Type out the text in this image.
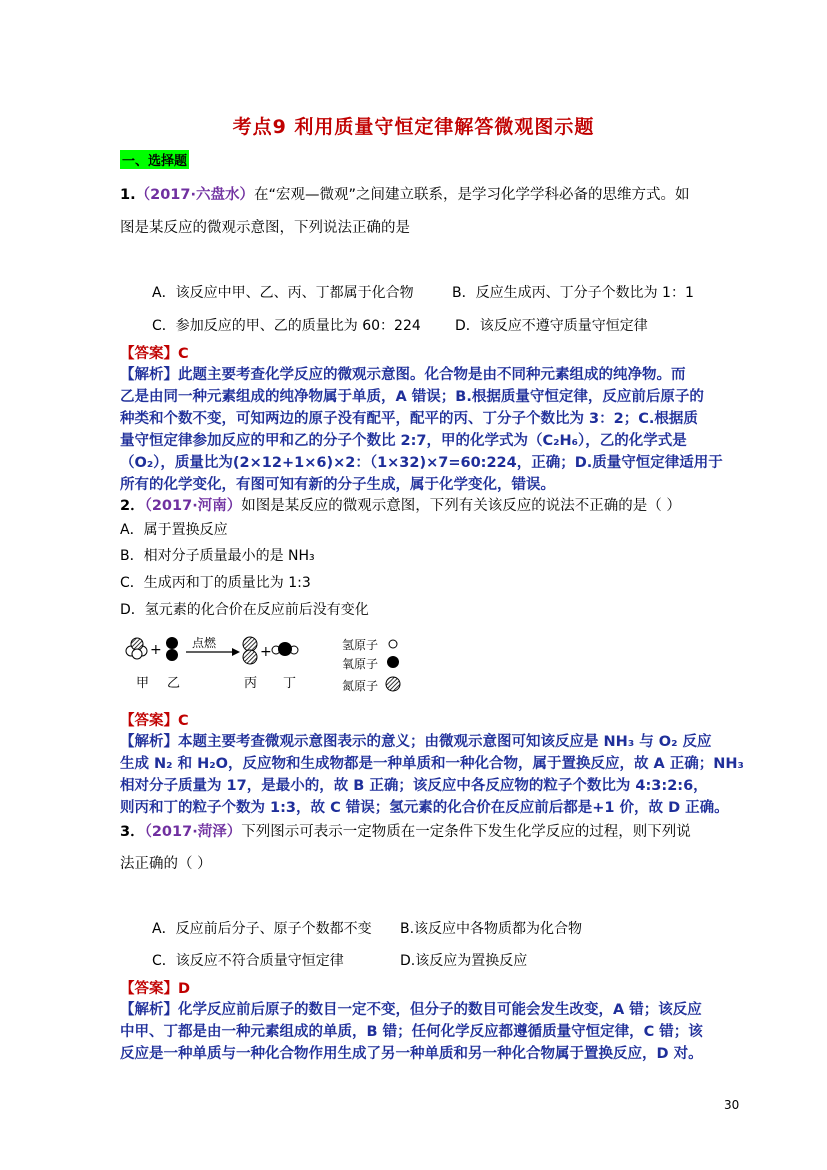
考点9 利用质量守恒定律解答微观图示题
一、选择题
1.（2017·六盘水）在“宏观—微观”之间建立联系，是学习化学学科必备的思维方式。如
图是某反应的微观示意图，下列说法正确的是
A．该反应中甲、乙、丙、丁都属于化合物	B．反应生成丙、丁分子个数比为 1：1
C．参加反应的甲、乙的质量比为 60：224 D．该反应不遵守质量守恒定律
【答案】C
【解析】此题主要考查化学反应的微观示意图。化合物是由不同种元素组成的纯净物。而
乙是由同一种元素组成的纯净物属于单质，A 错误；B.根据质量守恒定律，反应前后原子的
种类和个数不变，可知两边的原子没有配平，配平的丙、丁分子个数比为 3：2；C.根据质
量守恒定律参加反应的甲和乙的分子个数比 2:7，甲的化学式为（C₂H₆），乙的化学式是
（O₂），质量比为(2×12+1×6)×2：（1×32)×7=60:224，正确；D.质量守恒定律适用于
所有的化学变化，有图可知有新的分子生成，属于化学变化，错误。
2．（2017·河南）如图是某反应的微观示意图，下列有关该反应的说法不正确的是（ ）
A．属于置换反应
B．相对分子质量最小的是 NH₃
C．生成丙和丁的质量比为 1:3
D．氢元素的化合价在反应前后没有变化
+	+
点燃
甲 乙	丙 丁
氢原子
氧原子
氮原子
【答案】C
【解析】本题主要考查微观示意图表示的意义；由微观示意图可知该反应是 NH₃ 与 O₂ 反应
生成 N₂ 和 H₂O，反应物和生成物都是一种单质和一种化合物，属于置换反应，故 A 正确；NH₃
相对分子质量为 17，是最小的，故 B 正确；该反应中各反应物的粒子个数比为 4:3:2:6，
则丙和丁的粒子个数为 1:3，故 C 错误；氢元素的化合价在反应前后都是+1 价，故 D 正确。
3．（2017·菏泽）下列图示可表示一定物质在一定条件下发生化学反应的过程，则下列说
法正确的（ ）
A．反应前后分子、原子个数都不变 B.该反应中各物质都为化合物
C．该反应不符合质量守恒定律	D.该反应为置换反应
【答案】D
【解析】化学反应前后原子的数目一定不变，但分子的数目可能会发生改变，A 错；该反应
中甲、丁都是由一种元素组成的单质，B 错；任何化学反应都遵循质量守恒定律，C 错；该
反应是一种单质与一种化合物作用生成了另一种单质和另一种化合物属于置换反应，D 对。
30
